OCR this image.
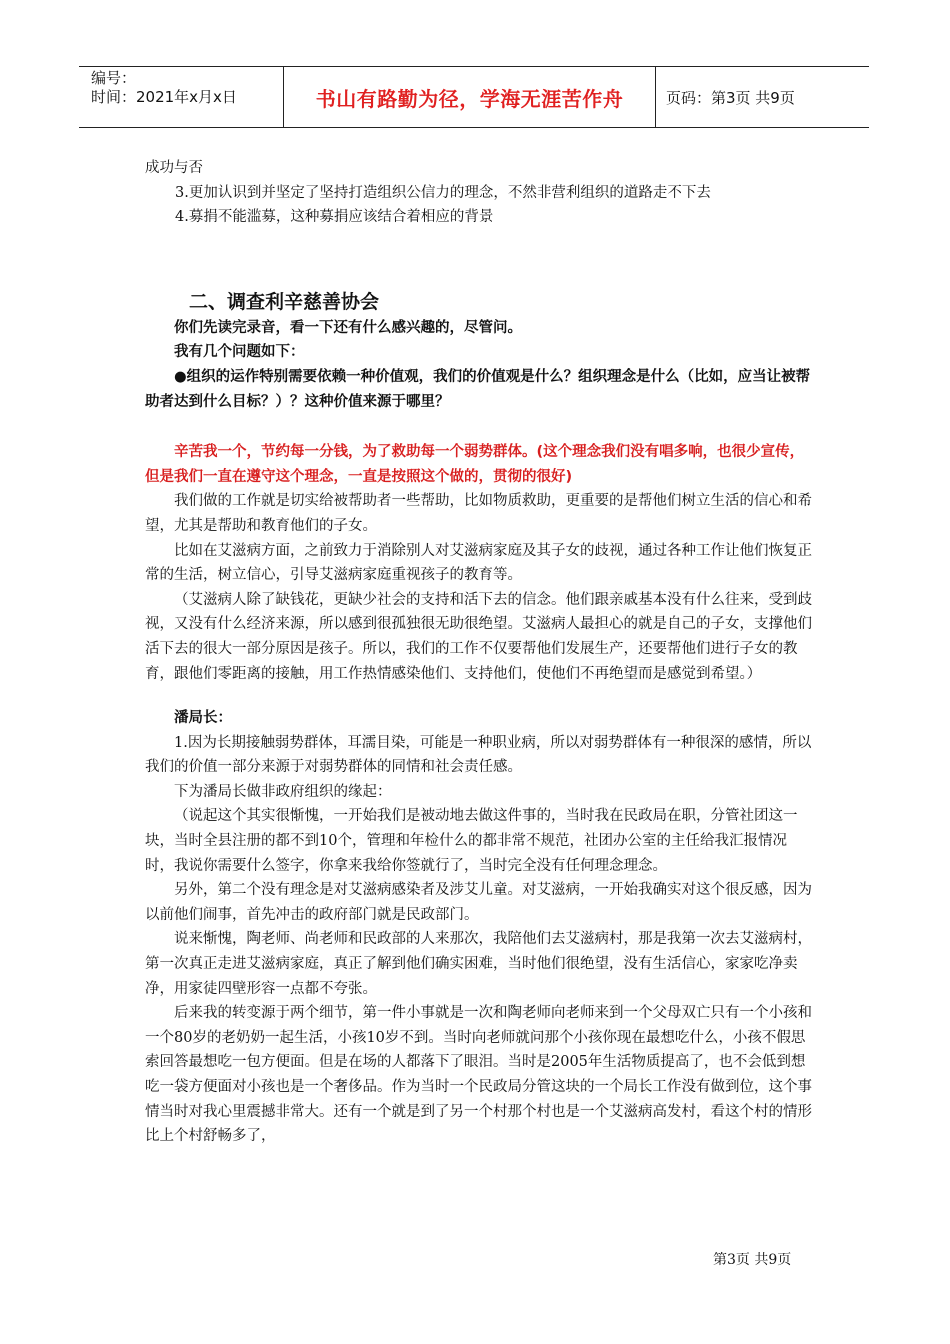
编号：
时间：2021年x月x日	书山有路勤为径，学海无涯苦作舟	页码：第3页 共9页

成功与否

3.更加认识到并坚定了坚持打造组织公信力的理念，不然非营利组织的道路走不下去

4.募捐不能滥募，这种募捐应该结合着相应的背景

二、调查利辛慈善协会

你们先读完录音，看一下还有什么感兴趣的，尽管问。

我有几个问题如下：

●组织的运作特别需要依赖一种价值观，我们的价值观是什么？组织理念是什么（比如，应当让被帮助者达到什么目标？）？这种价值来源于哪里？

辛苦我一个，节约每一分钱，为了救助每一个弱势群体。(这个理念我们没有唱多响，也很少宣传，但是我们一直在遵守这个理念，一直是按照这个做的，贯彻的很好)

我们做的工作就是切实给被帮助者一些帮助，比如物质救助，更重要的是帮他们树立生活的信心和希望，尤其是帮助和教育他们的子女。

比如在艾滋病方面，之前致力于消除别人对艾滋病家庭及其子女的歧视，通过各种工作让他们恢复正常的生活，树立信心，引导艾滋病家庭重视孩子的教育等。

（艾滋病人除了缺钱花，更缺少社会的支持和活下去的信念。他们跟亲戚基本没有什么往来，受到歧视，又没有什么经济来源，所以感到很孤独很无助很绝望。艾滋病人最担心的就是自己的子女，支撑他们活下去的很大一部分原因是孩子。所以，我们的工作不仅要帮他们发展生产，还要帮他们进行子女的教育，跟他们零距离的接触，用工作热情感染他们、支持他们，使他们不再绝望而是感觉到希望。）

潘局长：

1.因为长期接触弱势群体，耳濡目染，可能是一种职业病，所以对弱势群体有一种很深的感情，所以我们的价值一部分来源于对弱势群体的同情和社会责任感。

下为潘局长做非政府组织的缘起：

（说起这个其实很惭愧，一开始我们是被动地去做这件事的，当时我在民政局在职，分管社团这一块，当时全县注册的都不到10个，管理和年检什么的都非常不规范，社团办公室的主任给我汇报情况时，我说你需要什么签字，你拿来我给你签就行了，当时完全没有任何理念理念。

另外，第二个没有理念是对艾滋病感染者及涉艾儿童。对艾滋病，一开始我确实对这个很反感，因为以前他们闹事，首先冲击的政府部门就是民政部门。

说来惭愧，陶老师、尚老师和民政部的人来那次，我陪他们去艾滋病村，那是我第一次去艾滋病村，第一次真正走进艾滋病家庭，真正了解到他们确实困难，当时他们很绝望，没有生活信心，家家吃净卖净，用家徒四壁形容一点都不夸张。

后来我的转变源于两个细节，第一件小事就是一次和陶老师向老师来到一个父母双亡只有一个小孩和一个80岁的老奶奶一起生活，小孩10岁不到。当时向老师就问那个小孩你现在最想吃什么，小孩不假思索回答最想吃一包方便面。但是在场的人都落下了眼泪。当时是2005年生活物质提高了，也不会低到想吃一袋方便面对小孩也是一个奢侈品。作为当时一个民政局分管这块的一个局长工作没有做到位，这个事情当时对我心里震撼非常大。还有一个就是到了另一个村那个村也是一个艾滋病高发村，看这个村的情形比上个村舒畅多了，

第3页 共9页
